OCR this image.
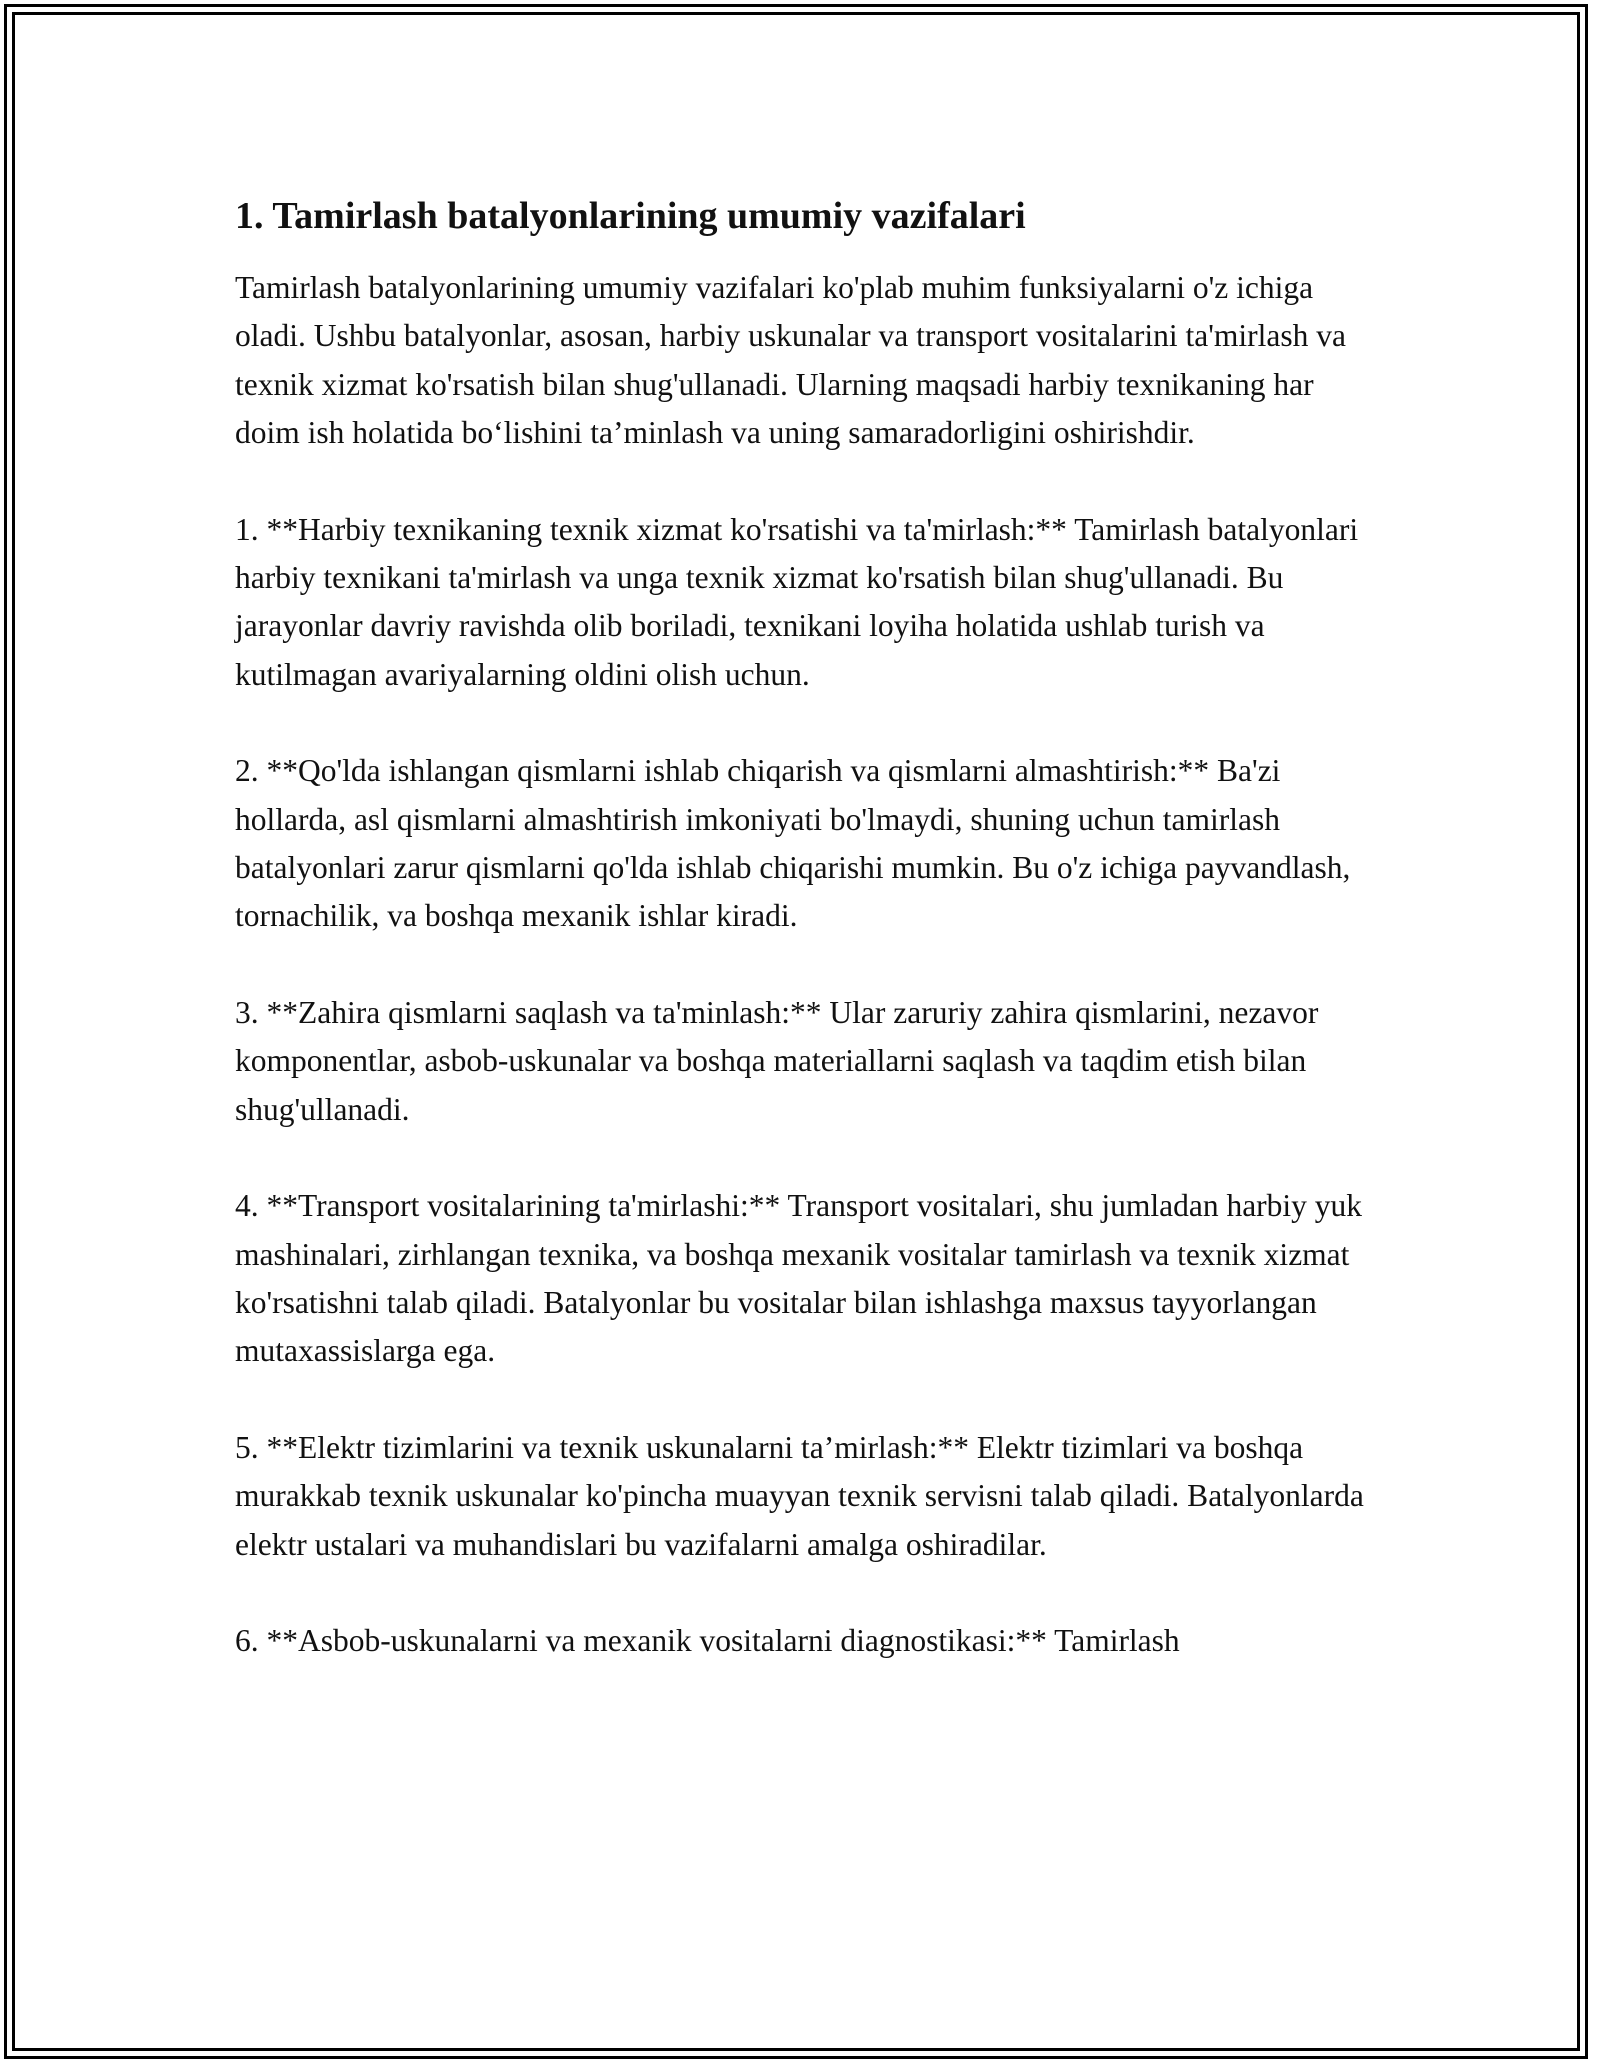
1. Tamirlash batalyonlarining umumiy vazifalari

Tamirlash batalyonlarining umumiy vazifalari ko'plab muhim funksiyalarni o'z ichiga oladi. Ushbu batalyonlar, asosan, harbiy uskunalar va transport vositalarini ta'mirlash va texnik xizmat ko'rsatish bilan shug'ullanadi. Ularning maqsadi harbiy texnikaning har doim ish holatida bo‘lishini ta’minlash va uning samaradorligini oshirishdir.

1. **Harbiy texnikaning texnik xizmat ko'rsatishi va ta'mirlash:** Tamirlash batalyonlari harbiy texnikani ta'mirlash va unga texnik xizmat ko'rsatish bilan shug'ullanadi. Bu jarayonlar davriy ravishda olib boriladi, texnikani loyiha holatida ushlab turish va kutilmagan avariyalarning oldini olish uchun.

2. **Qo'lda ishlangan qismlarni ishlab chiqarish va qismlarni almashtirish:** Ba'zi hollarda, asl qismlarni almashtirish imkoniyati bo'lmaydi, shuning uchun tamirlash batalyonlari zarur qismlarni qo'lda ishlab chiqarishi mumkin. Bu o'z ichiga payvandlash, tornachilik, va boshqa mexanik ishlar kiradi.

3. **Zahira qismlarni saqlash va ta'minlash:** Ular zaruriy zahira qismlarini, nezavor komponentlar, asbob-uskunalar va boshqa materiallarni saqlash va taqdim etish bilan shug'ullanadi.

4. **Transport vositalarining ta'mirlashi:** Transport vositalari, shu jumladan harbiy yuk mashinalari, zirhlangan texnika, va boshqa mexanik vositalar tamirlash va texnik xizmat ko'rsatishni talab qiladi. Batalyonlar bu vositalar bilan ishlashga maxsus tayyorlangan mutaxassislarga ega.

5. **Elektr tizimlarini va texnik uskunalarni ta’mirlash:** Elektr tizimlari va boshqa murakkab texnik uskunalar ko'pincha muayyan texnik servisni talab qiladi. Batalyonlarda elektr ustalari va muhandislari bu vazifalarni amalga oshiradilar.

6. **Asbob-uskunalarni va mexanik vositalarni diagnostikasi:** Tamirlash
